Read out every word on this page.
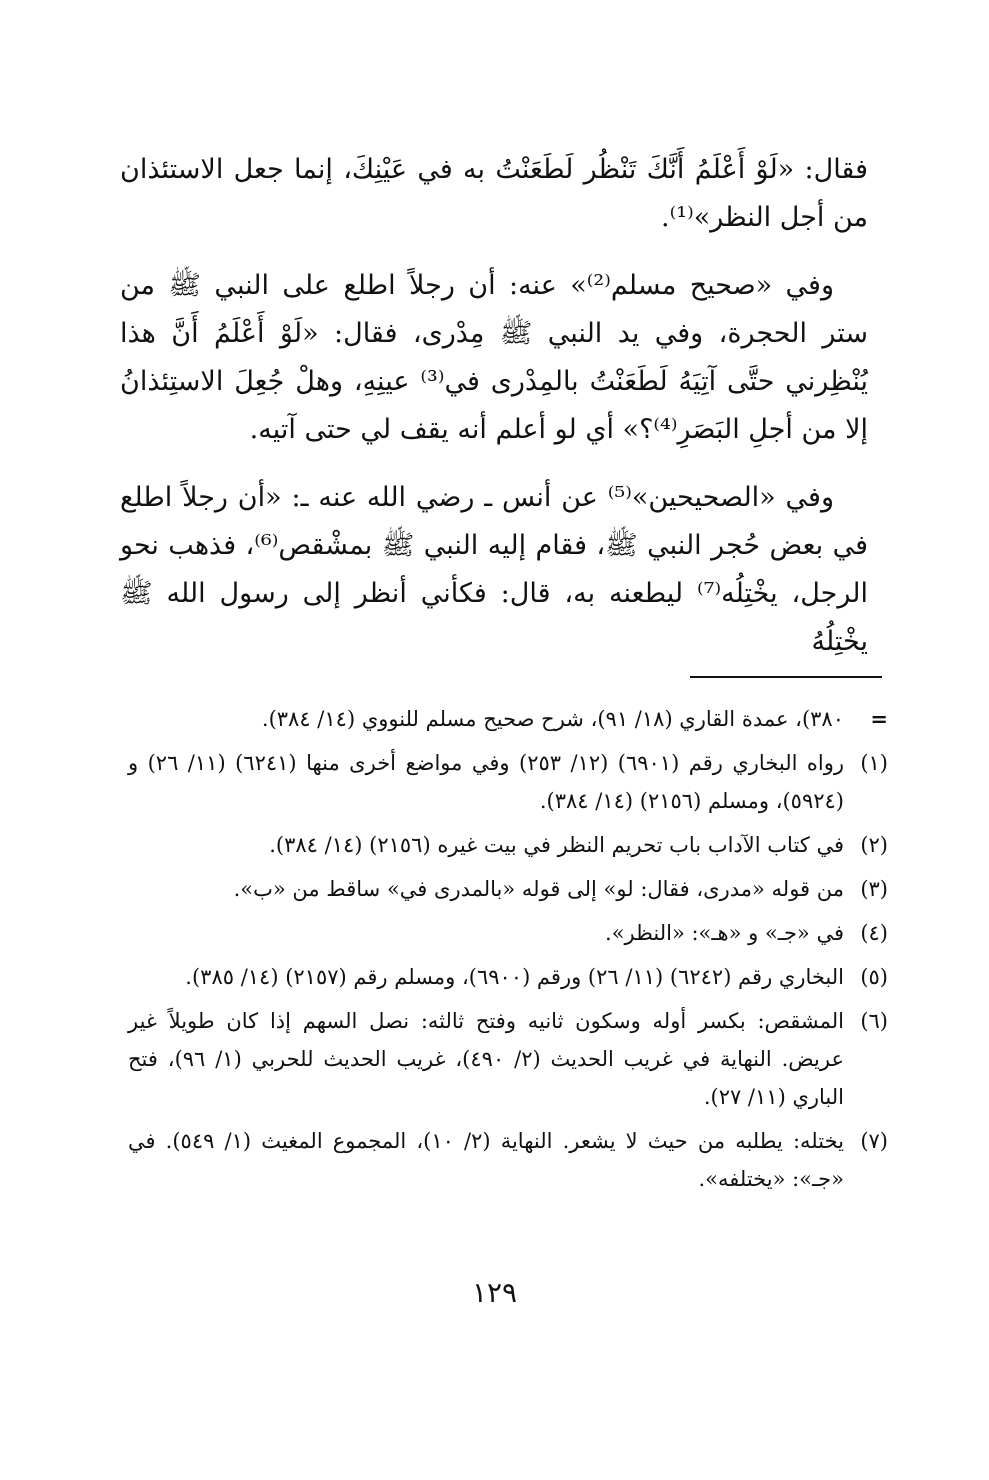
فقال: «لَوْ أَعْلَمُ أَنَّكَ تَنْظُر لَطَعَنْتُ به في عَيْنِكَ، إنما جعل الاستئذان من أجل النظر»⁽¹⁾.

وفي «صحيح مسلم⁽²⁾» عنه: أن رجلاً اطلع على النبي ﷺ من ستر الحجرة، وفي يد النبي ﷺ مِدْرى، فقال: «لَوْ أَعْلَمُ أَنَّ هذا يُنْظِرني حتَّى آتِيَهُ لَطَعَنْتُ بالمِدْرى في⁽³⁾ عينِهِ، وهلْ جُعِلَ الاستِئذانُ إلا من أجلِ البَصَرِ⁽⁴⁾؟» أي لو أعلم أنه يقف لي حتى آتيه.

وفي «الصحيحين»⁽⁵⁾ عن أنس ـ رضي الله عنه ـ: «أن رجلاً اطلع في بعض حُجر النبي ﷺ، فقام إليه النبي ﷺ بمشْقص⁽⁶⁾، فذهب نحو الرجل، يخْتِلُه⁽⁷⁾ ليطعنه به، قال: فكأني أنظر إلى رسول الله ﷺ يخْتِلُهُ

=
٣٨٠)، عمدة القاري (١٨/ ٩١)، شرح صحيح مسلم للنووي (١٤/ ٣٨٤).
(١)
رواه البخاري رقم (٦٩٠١) (١٢/ ٢٥٣) وفي مواضع أخرى منها (٦٢٤١) (١١/ ٢٦) و (٥٩٢٤)، ومسلم (٢١٥٦) (١٤/ ٣٨٤).
(٢)
في كتاب الآداب باب تحريم النظر في بيت غيره (٢١٥٦) (١٤/ ٣٨٤).
(٣)
من قوله «مدرى، فقال: لو» إلى قوله «بالمدرى في» ساقط من «ب».
(٤)
في «جـ» و «هـ»: «النظر».
(٥)
البخاري رقم (٦٢٤٢) (١١/ ٢٦) ورقم (٦٩٠٠)، ومسلم رقم (٢١٥٧) (١٤/ ٣٨٥).
(٦)
المشقص: بكسر أوله وسكون ثانيه وفتح ثالثه: نصل السهم إذا كان طويلاً غير عريض. النهاية في غريب الحديث (٢/ ٤٩٠)، غريب الحديث للحربي (١/ ٩٦)، فتح الباري (١١/ ٢٧).
(٧)
يختله: يطلبه من حيث لا يشعر. النهاية (٢/ ١٠)، المجموع المغيث (١/ ٥٤٩). في «جـ»: «يختلفه».
١٢٩
